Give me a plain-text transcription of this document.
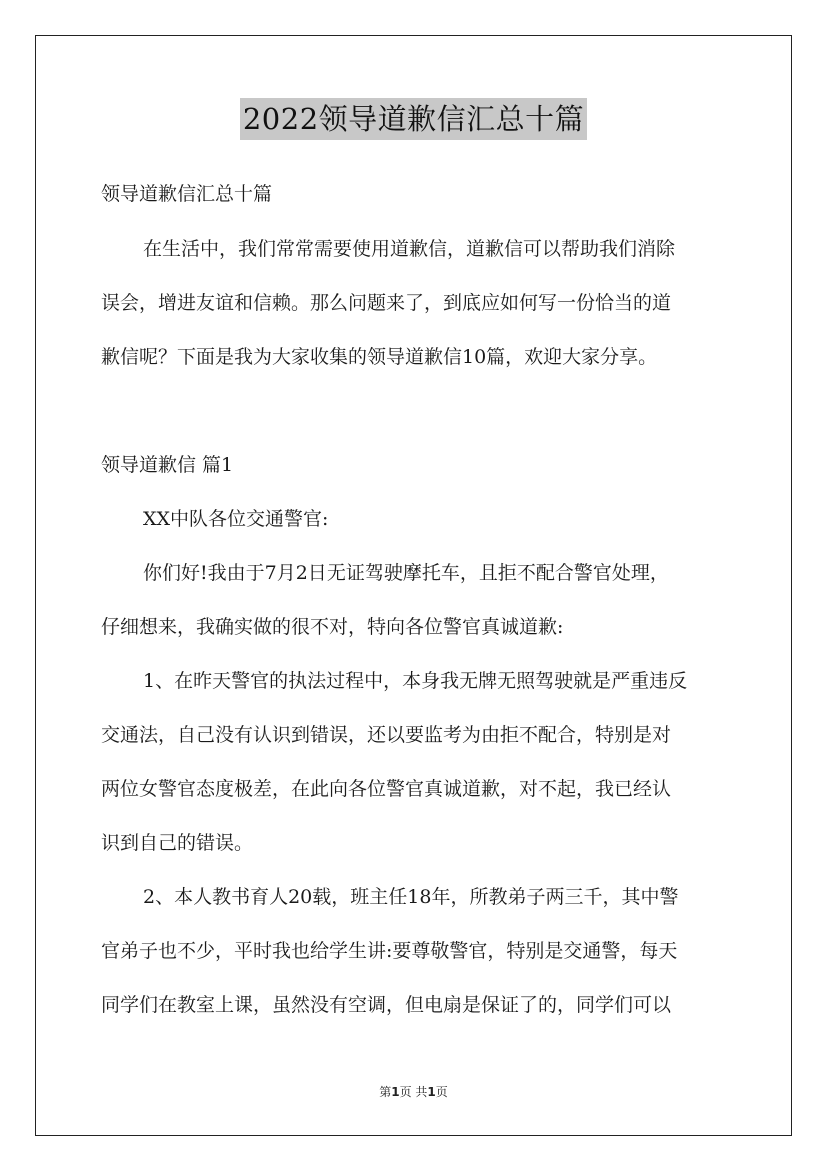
2022领导道歉信汇总十篇
领导道歉信汇总十篇
在生活中，我们常常需要使用道歉信，道歉信可以帮助我们消除
误会，增进友谊和信赖。那么问题来了，到底应如何写一份恰当的道
歉信呢？下面是我为大家收集的领导道歉信10篇，欢迎大家分享。
领导道歉信 篇1
XX中队各位交通警官:
你们好!我由于7月2日无证驾驶摩托车，且拒不配合警官处理，
仔细想来，我确实做的很不对，特向各位警官真诚道歉:
1、在昨天警官的执法过程中，本身我无牌无照驾驶就是严重违反
交通法，自己没有认识到错误，还以要监考为由拒不配合，特别是对
两位女警官态度极差，在此向各位警官真诚道歉，对不起，我已经认
识到自己的错误。
2、本人教书育人20载，班主任18年，所教弟子两三千，其中警
官弟子也不少，平时我也给学生讲:要尊敬警官，特别是交通警，每天
同学们在教室上课，虽然没有空调，但电扇是保证了的，同学们可以
第1页 共1页
